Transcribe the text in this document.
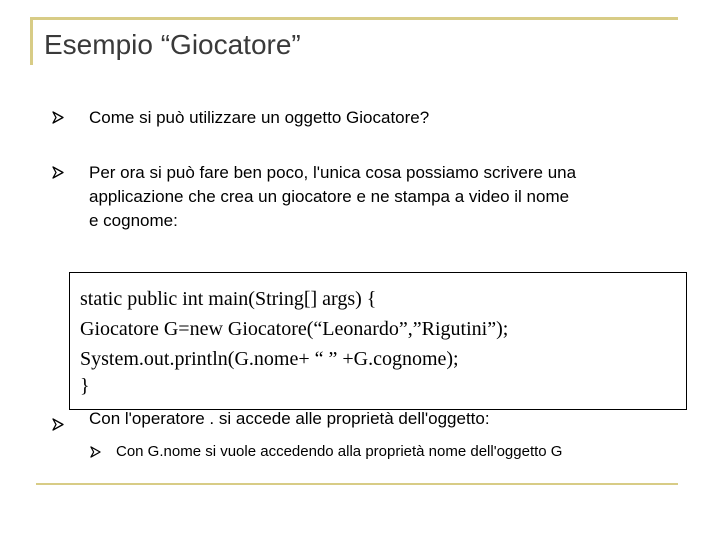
Esempio “Giocatore”
Come si può utilizzare un oggetto Giocatore?
Per ora si può fare ben poco, l'unica cosa possiamo scrivere una
applicazione che crea un giocatore e ne stampa a video il nome
e cognome:
static public int main(String[] args) {
Giocatore G=new Giocatore(“Leonardo”,”Rigutini”);
System.out.println(G.nome+ “ ” +G.cognome);
}
Con l'operatore . si accede alle proprietà dell'oggetto:
Con G.nome si vuole accedendo alla proprietà nome dell'oggetto G
